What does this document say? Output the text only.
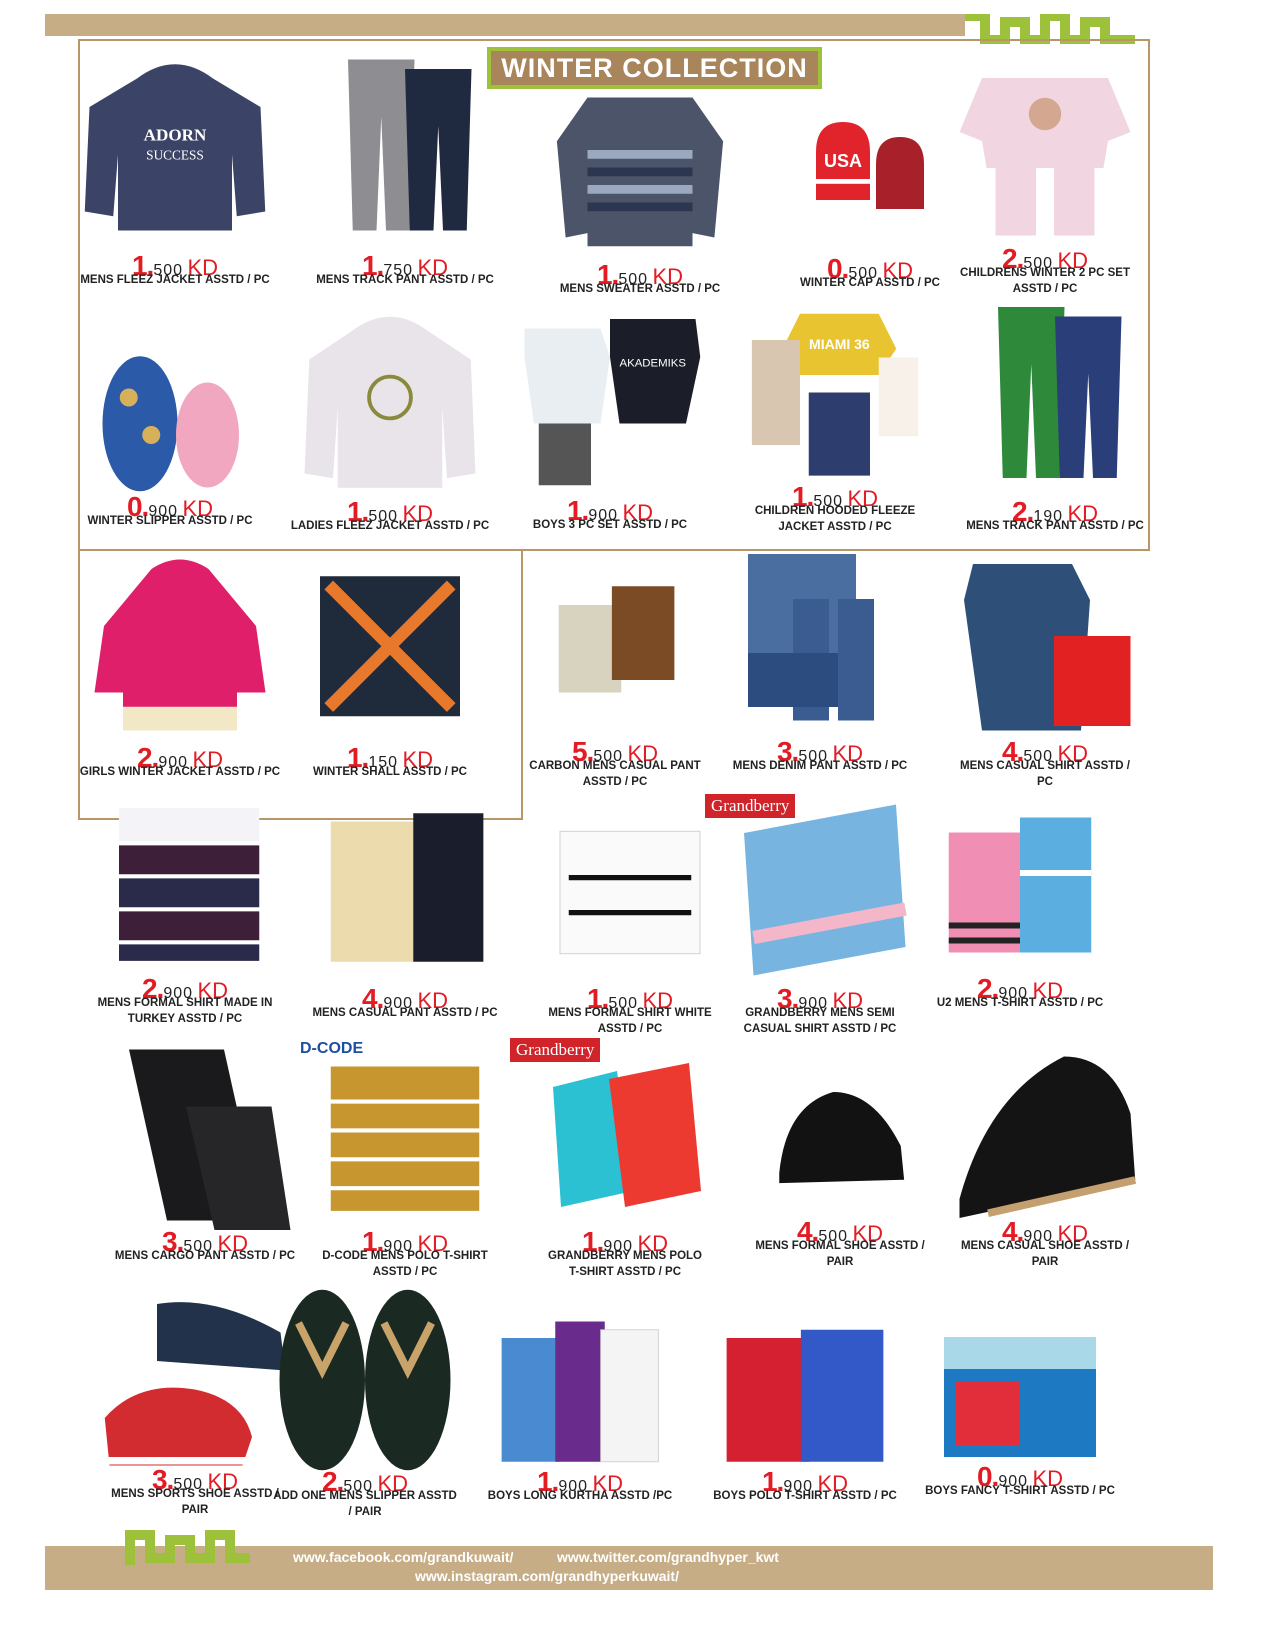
WINTER COLLECTION
ADORN
SUCCESS
1.500 KD
MENS FLEEZ JACKET ASSTD / PC	1.750 KD
MENS TRACK PANT ASSTD / PC	1.500 KD
MENS SWEATER ASSTD / PC
USA
0.500 KD
WINTER CAP ASSTD / PC
2.500 KD
CHILDRENS WINTER 2 PC SET
ASSTD / PC
0.900 KD
WINTER SLIPPER ASSTD / PC	1.500 KD
LADIES FLEEZ JACKET ASSTD / PC
AKADEMIKS
1.900 KD
BOYS 3 PC SET ASSTD / PC
MIAMI 36
1.500 KD
CHILDREN HOODED FLEEZE
JACKET ASSTD / PC	2.190 KD
MENS TRACK PANT ASSTD / PC
2.900 KD
GIRLS WINTER JACKET ASSTD / PC	1.150 KD
WINTER SHALL ASSTD / PC
5.500 KD
CARBON MENS CASUAL PANT
ASSTD / PC
3.500 KD
MENS DENIM PANT ASSTD / PC	4.500 KD
MENS CASUAL SHIRT ASSTD /
PC
2.900 KD
MENS FORMAL SHIRT MADE IN
TURKEY ASSTD / PC
4.900 KD
MENS CASUAL PANT ASSTD / PC	1.500 KD
MENS FORMAL SHIRT WHITE
ASSTD / PC
3.900 KD
GRANDBERRY MENS SEMI
CASUAL SHIRT ASSTD / PC
2.900 KD
U2 MENS T-SHIRT ASSTD / PC
3.500 KD
MENS CARGO PANT ASSTD / PC	1.900 KD
D-CODE MENS POLO T-SHIRT
ASSTD / PC
1.900 KD
GRANDBERRY MENS POLO
T-SHIRT ASSTD / PC
4.500 KD
MENS FORMAL SHOE ASSTD /
PAIR
4.900 KD
MENS CASUAL SHOE ASSTD /
PAIR
3.500 KD
MENS SPORTS SHOE ASSTD /
PAIR
2.500 KD
ADD ONE MENS SLIPPER ASSTD
/ PAIR
1.900 KD
BOYS LONG KURTHA ASSTD /PC	1.900 KD
BOYS POLO T-SHIRT ASSTD / PC
0.900 KD
BOYS FANCY T-SHIRT ASSTD / PC
Grandberry
Grandberry
D-CODE
www.facebook.com/grandkuwait/	www.twitter.com/grandhyper_kwt
www.instagram.com/grandhyperkuwait/
